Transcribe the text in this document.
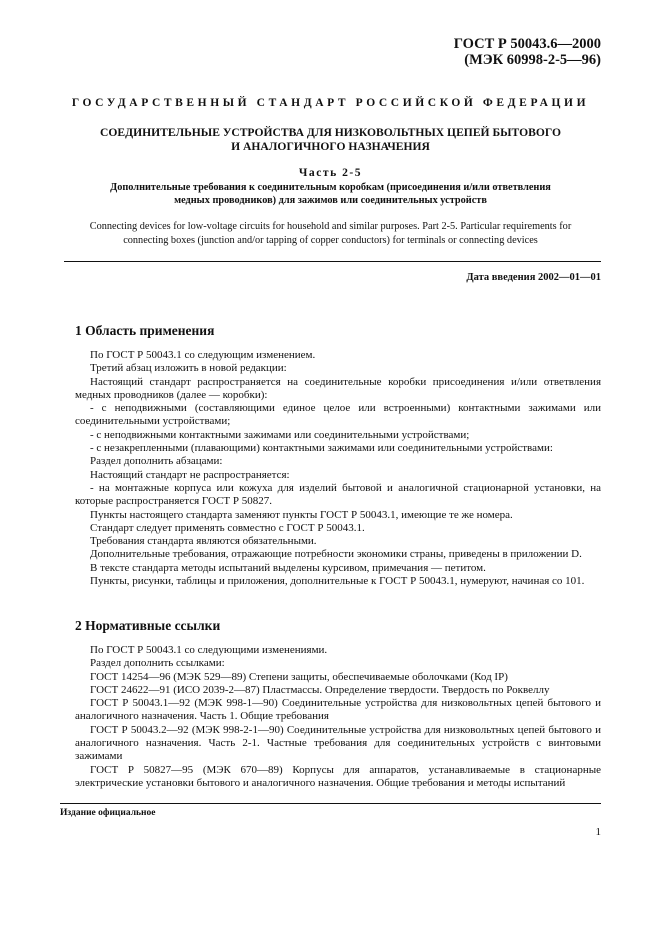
ГОСТ Р 50043.6—2000
(МЭК 60998-2-5—96)
ГОСУДАРСТВЕННЫЙ СТАНДАРТ РОССИЙСКОЙ ФЕДЕРАЦИИ
СОЕДИНИТЕЛЬНЫЕ УСТРОЙСТВА ДЛЯ НИЗКОВОЛЬТНЫХ ЦЕПЕЙ БЫТОВОГО
И АНАЛОГИЧНОГО НАЗНАЧЕНИЯ
Часть 2-5
Дополнительные требования к соединительным коробкам (присоединения и/или ответвления
медных проводников) для зажимов или соединительных устройств
Connecting devices for low-voltage circuits for household and similar purposes. Part 2-5. Particular requirements for
connecting boxes (junction and/or tapping of copper conductors) for terminals or connecting devices
Дата введения 2002—01—01
1 Область применения

По ГОСТ Р 50043.1 со следующим изменением.

Третий абзац изложить в новой редакции:

Настоящий стандарт распространяется на соединительные коробки присоединения и/или ответвления медных проводников (далее — коробки):

- с неподвижными (составляющими единое целое или встроенными) контактными зажимами или соединительными устройствами;

- с неподвижными контактными зажимами или соединительными устройствами;

- с незакрепленными (плавающими) контактными зажимами или соединительными устройствами:

Раздел дополнить абзацами:

Настоящий стандарт не распространяется:

- на монтажные корпуса или кожуха для изделий бытовой и аналогичной стационарной установки, на которые распространяется ГОСТ Р 50827.

Пункты настоящего стандарта заменяют пункты ГОСТ Р 50043.1, имеющие те же номера.

Стандарт следует применять совместно с ГОСТ Р 50043.1.

Требования стандарта являются обязательными.

Дополнительные требования, отражающие потребности экономики страны, приведены в приложении D.

В тексте стандарта методы испытаний выделены курсивом, примечания — петитом.

Пункты, рисунки, таблицы и приложения, дополнительные к ГОСТ Р 50043.1, нумеруют, начиная со 101.

2 Нормативные ссылки

По ГОСТ Р 50043.1 со следующими изменениями.

Раздел дополнить ссылками:

ГОСТ 14254—96 (МЭК 529—89) Степени защиты, обеспечиваемые оболочками (Код IP)

ГОСТ 24622—91 (ИСО 2039-2—87) Пластмассы. Определение твердости. Твердость по Роквеллу

ГОСТ Р 50043.1—92 (МЭК 998-1—90) Соединительные устройства для низковольтных цепей бытового и аналогичного назначения. Часть 1. Общие требования

ГОСТ Р 50043.2—92 (МЭК 998-2-1—90) Соединительные устройства для низковольтных цепей бытового и аналогичного назначения. Часть 2-1. Частные требования для соединительных устройств с винтовыми зажимами

ГОСТ Р 50827—95 (МЭК 670—89) Корпусы для аппаратов, устанавливаемые в стационарные электрические установки бытового и аналогичного назначения. Общие требования и методы испытаний

Издание официальное
1
